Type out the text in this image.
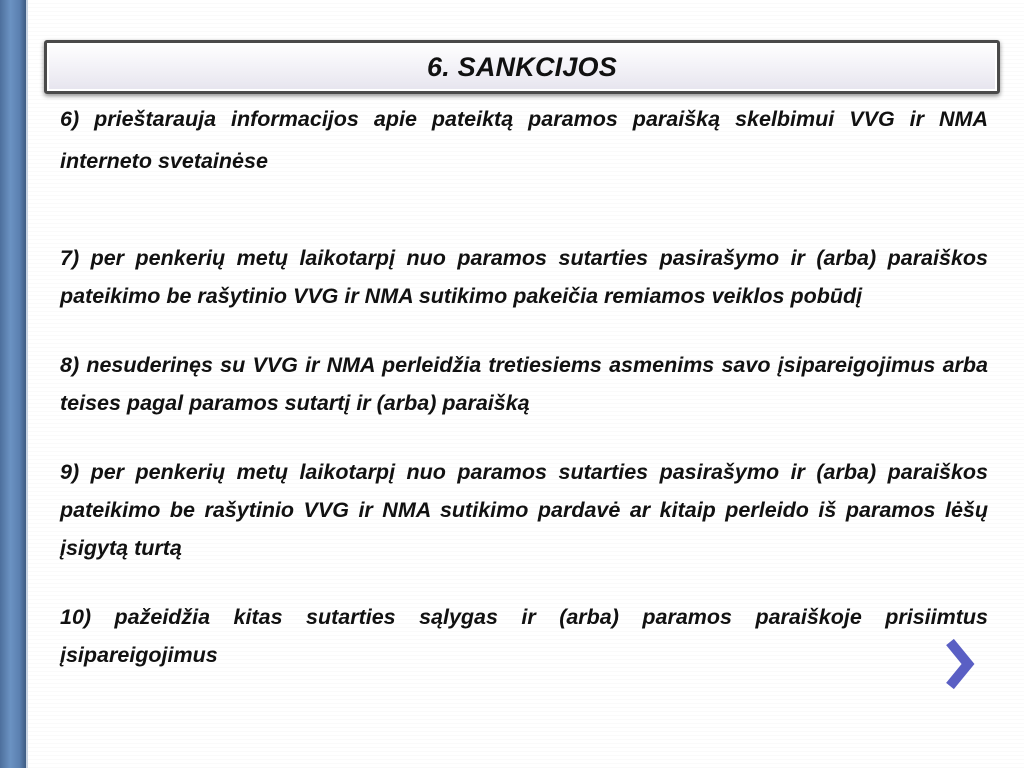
6. SANKCIJOS

6) prieštarauja informacijos apie pateiktą paramos paraišką skelbimui VVG ir NMA interneto svetainėse

7) per penkerių metų laikotarpį nuo paramos sutarties pasirašymo ir (arba) paraiškos pateikimo be rašytinio VVG ir NMA sutikimo pakeičia remiamos veiklos pobūdį

8) nesuderinęs su VVG ir NMA perleidžia tretiesiems asmenims savo įsipareigojimus arba teises pagal paramos sutartį ir (arba) paraišką

9) per penkerių metų laikotarpį nuo paramos sutarties pasirašymo ir (arba) paraiškos pateikimo be rašytinio VVG ir NMA sutikimo pardavė ar kitaip perleido iš paramos lėšų įsigytą turtą

10) pažeidžia kitas sutarties sąlygas ir (arba) paramos paraiškoje prisiimtus įsipareigojimus
